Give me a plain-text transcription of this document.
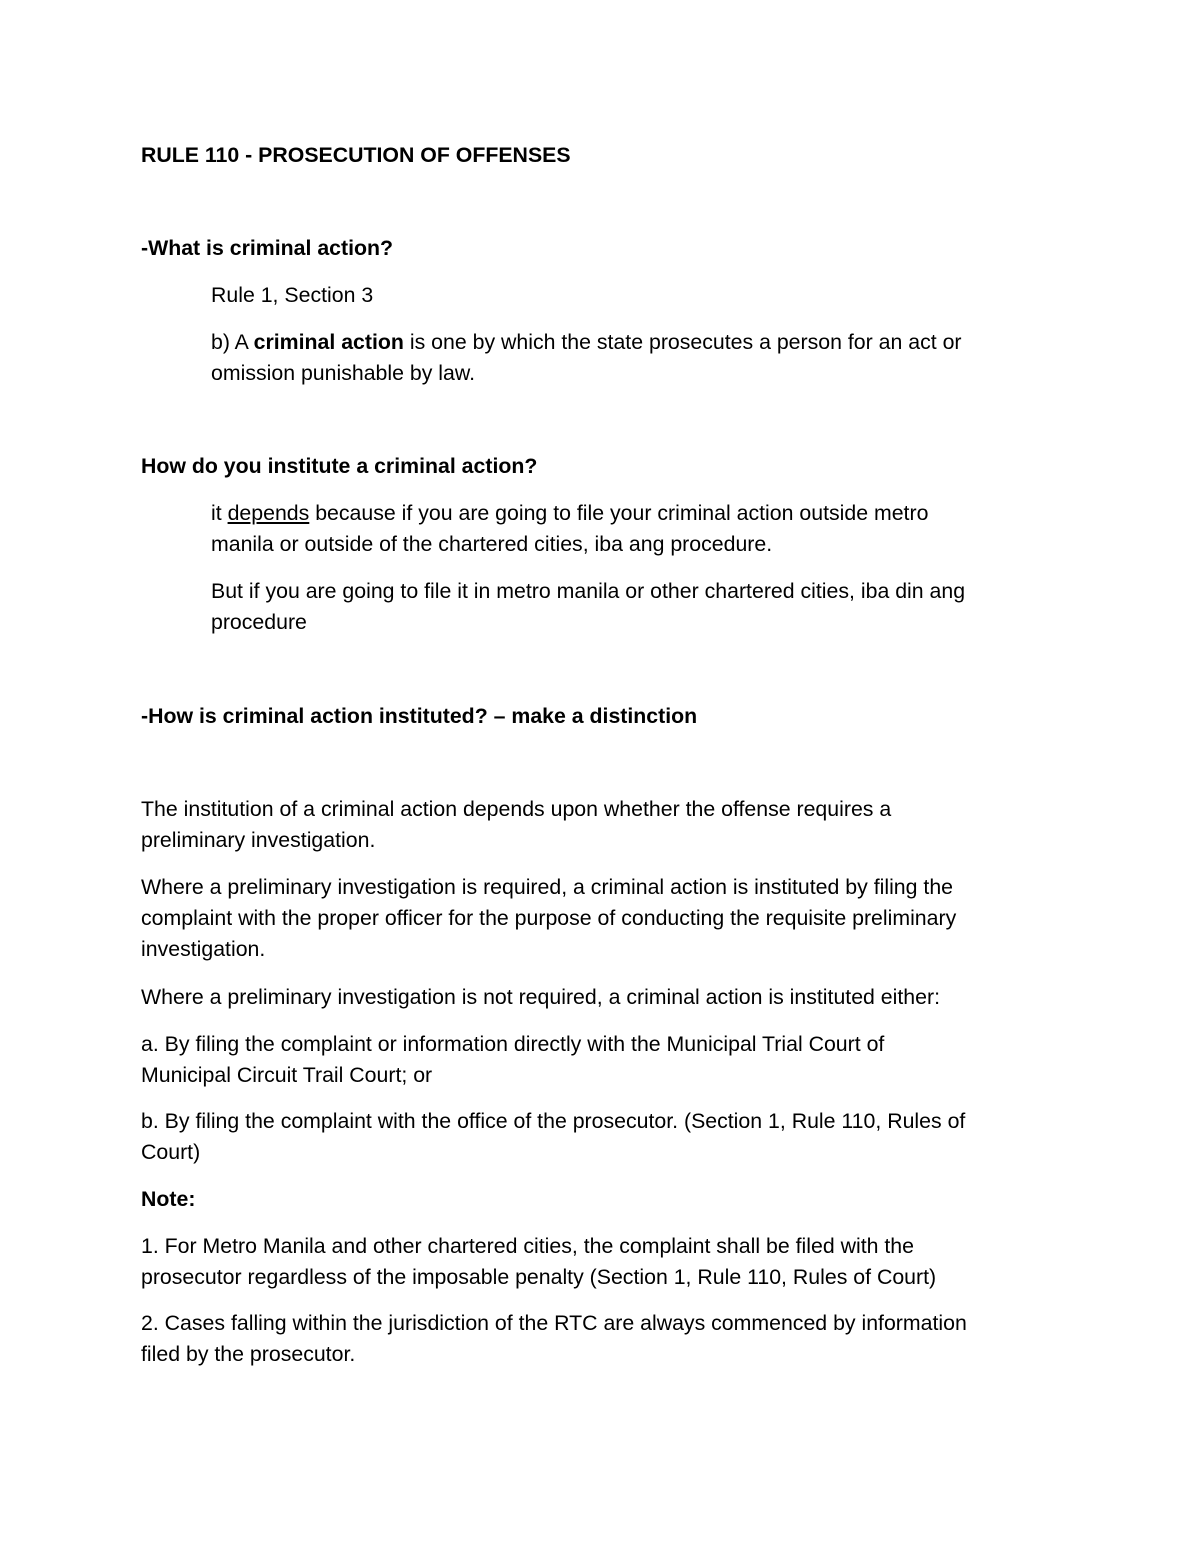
RULE 110 - PROSECUTION OF OFFENSES

-What is criminal action?

Rule 1, Section 3

b) A criminal action is one by which the state prosecutes a person for an act or

omission punishable by law.

How do you institute a criminal action?

it depends because if you are going to file your criminal action outside metro

manila or outside of the chartered cities, iba ang procedure.

But if you are going to file it in metro manila or other chartered cities, iba din ang

procedure

-How is criminal action instituted? – make a distinction

The institution of a criminal action depends upon whether the offense requires a

preliminary investigation.

Where a preliminary investigation is required, a criminal action is instituted by filing the

complaint with the proper officer for the purpose of conducting the requisite preliminary

investigation.

Where a preliminary investigation is not required, a criminal action is instituted either:

a. By filing the complaint or information directly with the Municipal Trial Court of

Municipal Circuit Trail Court; or

b. By filing the complaint with the office of the prosecutor. (Section 1, Rule 110, Rules of

Court)

Note:

1. For Metro Manila and other chartered cities, the complaint shall be filed with the

prosecutor regardless of the imposable penalty (Section 1, Rule 110, Rules of Court)

2. Cases falling within the jurisdiction of the RTC are always commenced by information

filed by the prosecutor.
